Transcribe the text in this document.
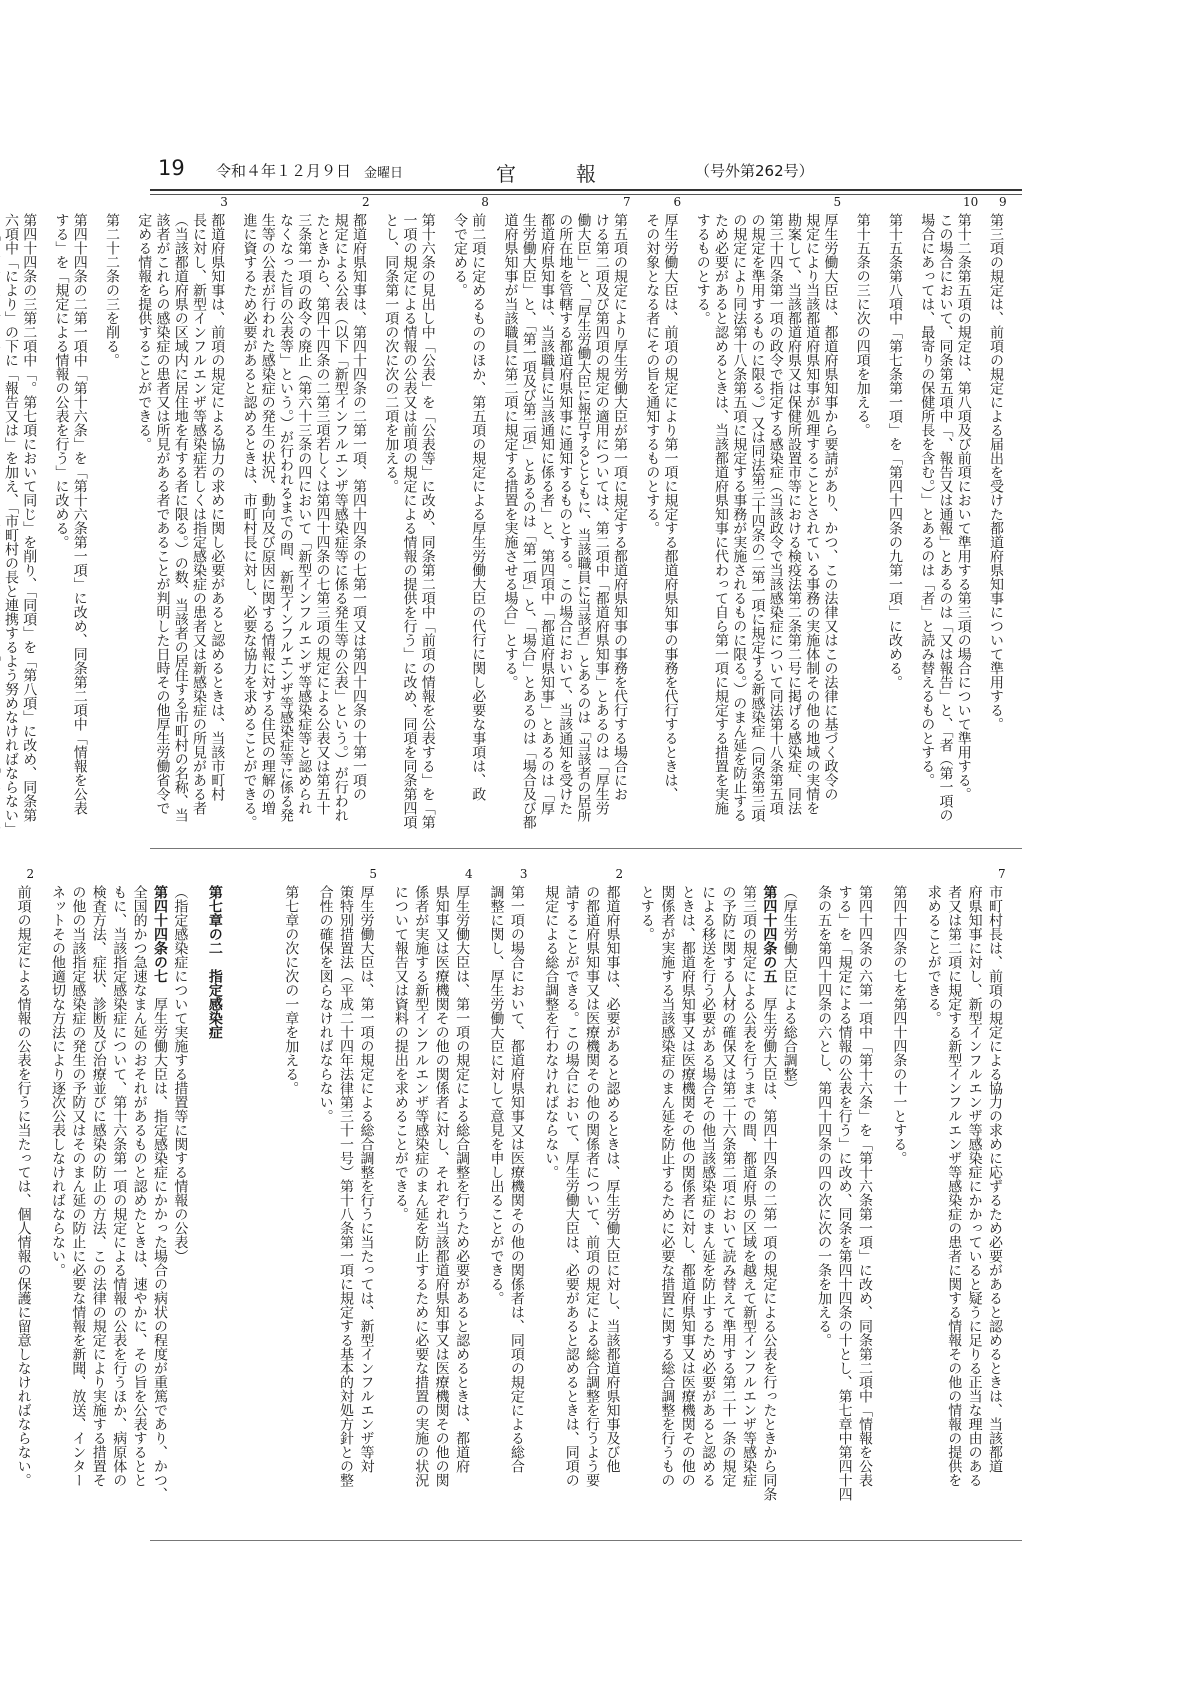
19 令和４年１２月９日 金曜日	官	報	（号外第262号）
9
第三項の規定は、前項の規定による届出を受けた都道府県知事について準用する。
10
第十二条第五項の規定は、第八項及び前項において準用する第三項の場合について準用する。
この場合において、同条第五項中「、報告又は通報」とあるのは「又は報告」と、「者（第一項の
場合にあっては、最寄りの保健所長を含む。）」とあるのは「者」と読み替えるものとする。
第十五条第八項中「第七条第一項」を「第四十四条の九第一項」に改める。
第十五条の三に次の四項を加える。
5
厚生労働大臣は、都道府県知事から要請があり、かつ、この法律又はこの法律に基づく政令の
規定により当該都道府県知事が処理することとされている事務の実施体制その他の地域の実情を
勘案して、当該都道府県又は保健所設置市等における検疫法第二条第二号に掲げる感染症、同法
第三十四条第一項の政令で指定する感染症（当該政令で当該感染症について同法第十八条第五項
の規定を準用するものに限る。）又は同法第三十四条の二第一項に規定する新感染症（同条第三項
の規定により同法第十八条第五項に規定する事務が実施されるものに限る。）のまん延を防止する
ため必要があると認めるときは、当該都道府県知事に代わって自ら第一項に規定する措置を実施
するものとする。
6
厚生労働大臣は、前項の規定により第一項に規定する都道府県知事の事務を代行するときは、
その対象となる者にその旨を通知するものとする。
7
第五項の規定により厚生労働大臣が第一項に規定する都道府県知事の事務を代行する場合にお
ける第二項及び第四項の規定の適用については、第二項中「都道府県知事」とあるのは「厚生労
働大臣」と、「厚生労働大臣に報告するとともに、当該職員に当該者」とあるのは「当該者の居所
の所在地を管轄する都道府県知事に通知するものとする。この場合において、当該通知を受けた
都道府県知事は、当該職員に当該通知に係る者」と、第四項中「都道府県知事」とあるのは「厚
生労働大臣」と、「第一項及び第二項」とあるのは「第一項」と、「場合」とあるのは「場合及び都
道府県知事が当該職員に第二項に規定する措置を実施させる場合」とする。
8
前二項に定めるもののほか、第五項の規定による厚生労働大臣の代行に関し必要な事項は、政
令で定める。
第十六条の見出し中「公表」を「公表等」に改め、同条第二項中「前項の情報を公表する」を「第
一項の規定による情報の公表又は前項の規定による情報の提供を行う」に改め、同項を同条第四項
とし、同条第一項の次に次の二項を加える。
2
都道府県知事は、第四十四条の二第一項、第四十四条の七第一項又は第四十四条の十第一項の
規定による公表（以下「新型インフルエンザ等感染症等に係る発生等の公表」という。）が行われ
たときから、第四十四条の二第三項若しくは第四十四条の七第三項の規定による公表又は第五十
三条第一項の政令の廃止（第六十三条の四において「新型インフルエンザ等感染症等と認められ
なくなった旨の公表等」という。）が行われるまでの間、新型インフルエンザ等感染症等に係る発
生等の公表が行われた感染症の発生の状況、動向及び原因に関する情報に対する住民の理解の増
進に資するため必要があると認めるときは、市町村長に対し、必要な協力を求めることができる。
3
都道府県知事は、前項の規定による協力の求めに関し必要があると認めるときは、当該市町村
長に対し、新型インフルエンザ等感染症若しくは指定感染症の患者又は新感染症の所見がある者
（当該都道府県の区域内に居住地を有する者に限る。）の数、当該者の居住する市町村の名称、当
該者がこれらの感染症の患者又は所見がある者であることが判明した日時その他厚生労働省令で
定める情報を提供することができる。
第二十二条の三を削る。
第四十四条の二第一項中「第十六条」を「第十六条第一項」に改め、同条第二項中「情報を公表
する」を「規定による情報の公表を行う」に改める。
第四十四条の三第二項中「。第七項において同じ」を削り、「同項」を「第八項」に改め、同条第
六項中「により」の下に「報告又は」を加え、「市町村の長と連携するよう努めなければならない」
7
市町村長は、前項の規定による協力の求めに応ずるため必要があると認めるときは、当該都道
府県知事に対し、新型インフルエンザ等感染症にかかっていると疑うに足りる正当な理由のある
者又は第二項に規定する新型インフルエンザ等感染症の患者に関する情報その他の情報の提供を
求めることができる。
第四十四条の七を第四十四条の十一とする。
第四十四条の六第一項中「第十六条」を「第十六条第一項」に改め、同条第二項中「情報を公表
する」を「規定による情報の公表を行う」に改め、同条を第四十四条の十とし、第七章中第四十四
条の五を第四十四条の六とし、第四十四条の四の次に次の一条を加える。
（厚生労働大臣による総合調整）
第四十四条の五　厚生労働大臣は、第四十四条の二第一項の規定による公表を行ったときから同条
第三項の規定による公表を行うまでの間、都道府県の区域を越えて新型インフルエンザ等感染症
の予防に関する人材の確保又は第二十六条第二項において読み替えて準用する第二十一条の規定
による移送を行う必要がある場合その他当該感染症のまん延を防止するため必要があると認める
ときは、都道府県知事又は医療機関その他の関係者に対し、都道府県知事又は医療機関その他の
関係者が実施する当該感染症のまん延を防止するために必要な措置に関する総合調整を行うもの
とする。
2
都道府県知事は、必要があると認めるときは、厚生労働大臣に対し、当該都道府県知事及び他
の都道府県知事又は医療機関その他の関係者について、前項の規定による総合調整を行うよう要
請することができる。この場合において、厚生労働大臣は、必要があると認めるときは、同項の
規定による総合調整を行わなければならない。
3
第一項の場合において、都道府県知事又は医療機関その他の関係者は、同項の規定による総合
調整に関し、厚生労働大臣に対して意見を申し出ることができる。
4
厚生労働大臣は、第一項の規定による総合調整を行うため必要があると認めるときは、都道府
県知事又は医療機関その他の関係者に対し、それぞれ当該都道府県知事又は医療機関その他の関
係者が実施する新型インフルエンザ等感染症のまん延を防止するために必要な措置の実施の状況
について報告又は資料の提出を求めることができる。
5
厚生労働大臣は、第一項の規定による総合調整を行うに当たっては、新型インフルエンザ等対
策特別措置法（平成二十四年法律第三十一号）第十八条第一項に規定する基本的対処方針との整
合性の確保を図らなければならない。
第七章の次に次の一章を加える。
第七章の二　指定感染症
（指定感染症について実施する措置等に関する情報の公表）
第四十四条の七　厚生労働大臣は、指定感染症にかかった場合の病状の程度が重篤であり、かつ、
全国的かつ急速なまん延のおそれがあるものと認めたときは、速やかに、その旨を公表するとと
もに、当該指定感染症について、第十六条第一項の規定による情報の公表を行うほか、病原体の
検査方法、症状、診断及び治療並びに感染の防止の方法、この法律の規定により実施する措置そ
の他の当該指定感染症の発生の予防又はそのまん延の防止に必要な情報を新聞、放送、インター
ネットその他適切な方法により逐次公表しなければならない。
2
前項の規定による情報の公表を行うに当たっては、個人情報の保護に留意しなければならない。
